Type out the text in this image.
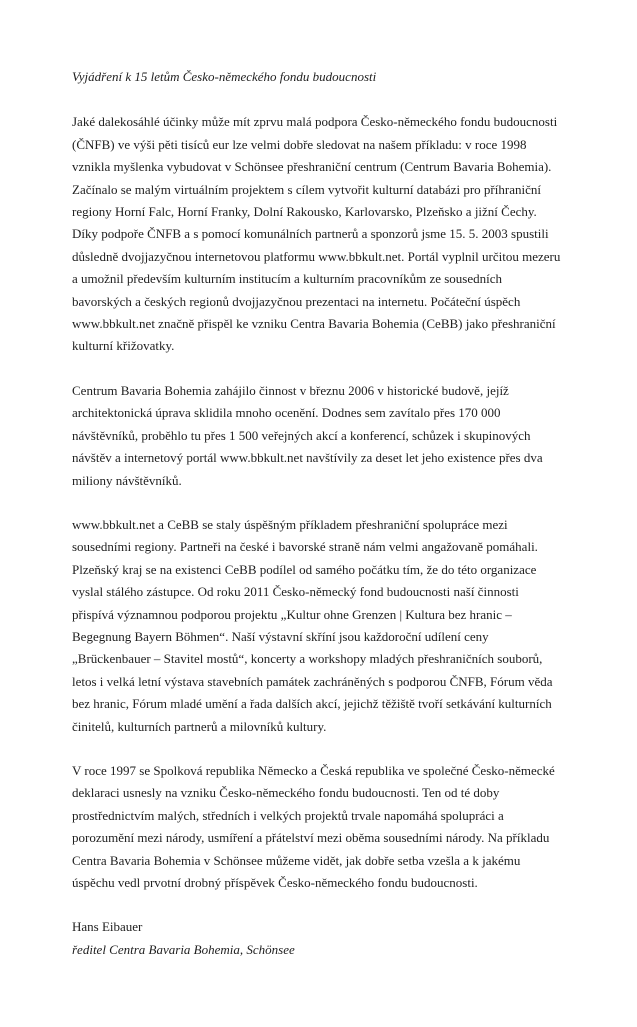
Vyjádření k 15 letům Česko-německého fondu budoucnosti
Jaké dalekosáhlé účinky může mít zprvu malá podpora Česko-německého fondu budoucnosti
(ČNFB) ve výši pěti tisíců eur lze velmi dobře sledovat na našem příkladu: v roce 1998
vznikla myšlenka vybudovat v Schönsee přeshraniční centrum (Centrum Bavaria Bohemia).
Začínalo se malým virtuálním projektem s cílem vytvořit kulturní databázi pro příhraniční
regiony Horní Falc, Horní Franky, Dolní Rakousko, Karlovarsko, Plzeňsko a jižní Čechy.
Díky podpoře ČNFB a s pomocí komunálních partnerů a sponzorů jsme 15. 5. 2003 spustili
důsledně dvojjazyčnou internetovou platformu www.bbkult.net. Portál vyplnil určitou mezeru
a umožnil především kulturním institucím a kulturním pracovníkům ze sousedních
bavorských a českých regionů dvojjazyčnou prezentaci na internetu. Počáteční úspěch
www.bbkult.net značně přispěl ke vzniku Centra Bavaria Bohemia (CeBB) jako přeshraniční
kulturní křižovatky.
Centrum Bavaria Bohemia zahájilo činnost v březnu 2006 v historické budově, jejíž
architektonická úprava sklidila mnoho ocenění. Dodnes sem zavítalo přes 170 000
návštěvníků, proběhlo tu přes 1 500 veřejných akcí a konferencí, schůzek i skupinových
návštěv a internetový portál www.bbkult.net navštívily za deset let jeho existence přes dva
miliony návštěvníků.
www.bbkult.net a CeBB se staly úspěšným příkladem přeshraniční spolupráce mezi
sousedními regiony. Partneři na české i bavorské straně nám velmi angažovaně pomáhali.
Plzeňský kraj se na existenci CeBB podílel od samého počátku tím, že do této organizace
vyslal stálého zástupce. Od roku 2011 Česko-německý fond budoucnosti naší činnosti
přispívá významnou podporou projektu „Kultur ohne Grenzen | Kultura bez hranic –
Begegnung Bayern Böhmen“. Naší výstavní skříní jsou každoroční udílení ceny
„Brückenbauer – Stavitel mostů“, koncerty a workshopy mladých přeshraničních souborů,
letos i velká letní výstava stavebních památek zachráněných s podporou ČNFB, Fórum věda
bez hranic, Fórum mladé umění a řada dalších akcí, jejichž těžiště tvoří setkávání kulturních
činitelů, kulturních partnerů a milovníků kultury.
V roce 1997 se Spolková republika Německo a Česká republika ve společné Česko-německé
deklaraci usnesly na vzniku Česko-německého fondu budoucnosti. Ten od té doby
prostřednictvím malých, středních i velkých projektů trvale napomáhá spolupráci a
porozumění mezi národy, usmíření a přátelství mezi oběma sousedními národy. Na příkladu
Centra Bavaria Bohemia v Schönsee můžeme vidět, jak dobře setba vzešla a k jakému
úspěchu vedl prvotní drobný příspěvek Česko-německého fondu budoucnosti.
Hans Eibauer
ředitel Centra Bavaria Bohemia, Schönsee
